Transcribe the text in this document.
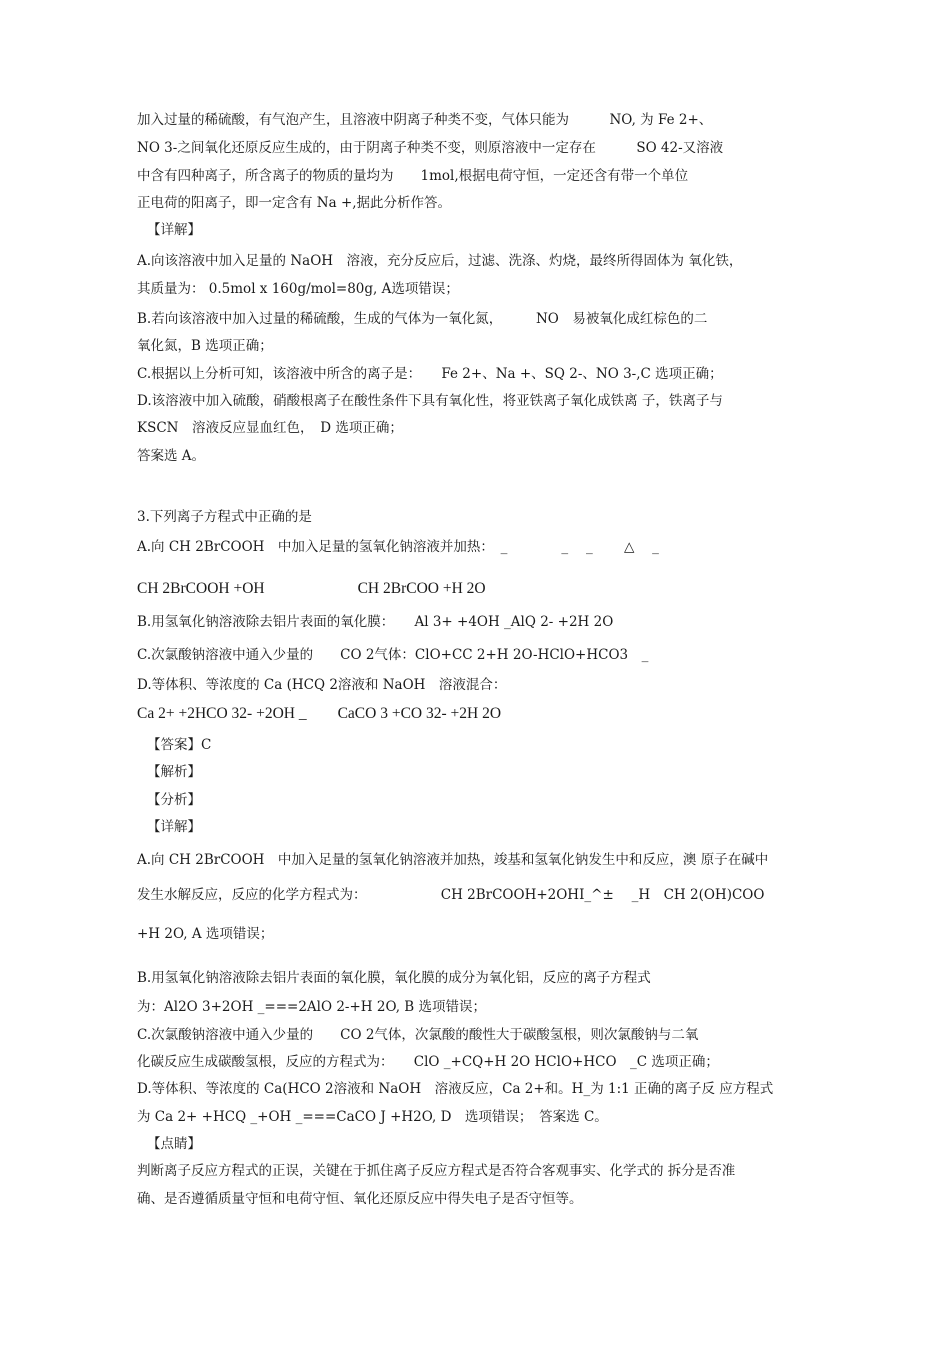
加入过量的稀硫酸，有气泡产生，且溶液中阴离子种类不变，气体只能为　　　NO, 为 Fe 2+、
NO 3-之间氧化还原反应生成的，由于阴离子种类不变，则原溶液中一定存在　　　SO 42-又溶液
中含有四种离子，所含离子的物质的量均为　　1mol,根据电荷守恒，一定还含有带一个单位
正电荷的阳离子，即一定含有 Na +,据此分析作答。
【详解】
A.向该溶液中加入足量的 NaOH　溶液，充分反应后，过滤、洗涤、灼烧，最终所得固体为 氧化铁，
其质量为： 0.5mol x 160g/mol=80g, A选项错误；
B.若向该溶液中加入过量的稀硫酸，生成的气体为一氧化氮，　　　NO　易被氧化成红棕色的二
氧化氮，B 选项正确；
C.根据以上分析可知，该溶液中所含的离子是：　　Fe 2+、Na +、SQ 2-、NO 3-,C 选项正确；
D.该溶液中加入硫酸，硝酸根离子在酸性条件下具有氧化性，将亚铁离子氧化成铁离 子，铁离子与
KSCN　溶液反应显血红色，　D 选项正确；
答案选 A。
3.下列离子方程式中正确的是
A.向 CH 2BrCOOH　中加入足量的氢氧化钠溶液并加热：　_　　　　_　 _　　 △　 _
CH 2BrCOOH +OH　　　　　　CH 2BrCOO +H 2O
B.用氢氧化钠溶液除去铝片表面的氧化膜：　　Al 3+ +4OH _AlQ 2- +2H 2O
C.次氯酸钠溶液中通入少量的　　CO 2气体：ClO+CC 2+H 2O-HClO+HCO3　_
D.等体积、等浓度的 Ca (HCQ 2溶液和 NaOH　溶液混合：
Ca 2+ +2HCO 32- +2OH _　　CaCO 3 +CO 32- +2H 2O
【答案】C
【解析】
【分析】
【详解】
A.向 CH 2BrCOOH　中加入足量的氢氧化钠溶液并加热，竣基和氢氧化钠发生中和反应，澳 原子在碱中
发生水解反应，反应的化学方程式为：　　　　　　CH 2BrCOOH+2OHI_^±　 _H　CH 2(OH)COO
+H 2O, A 选项错误；
B.用氢氧化钠溶液除去铝片表面的氧化膜，氧化膜的成分为氧化铝，反应的离子方程式
为：Al2O 3+2OH _===2AlO 2-+H 2O, B 选项错误；
C.次氯酸钠溶液中通入少量的　　CO 2气体，次氯酸的酸性大于碳酸氢根，则次氯酸钠与二氧
化碳反应生成碳酸氢根，反应的方程式为：　　ClO _+CQ+H 2O HClO+HCO　_C 选项正确；
D.等体积、等浓度的 Ca(HCO 2溶液和 NaOH　溶液反应，Ca 2+和。H_为 1:1 正确的离子反 应方程式
为 Ca 2+ +HCQ _+OH _===CaCO J +H2O, D　选项错误；　答案选 C。
【点睛】
判断离子反应方程式的正误，关键在于抓住离子反应方程式是否符合客观事实、化学式的 拆分是否准
确、是否遵循质量守恒和电荷守恒、氧化还原反应中得失电子是否守恒等。
